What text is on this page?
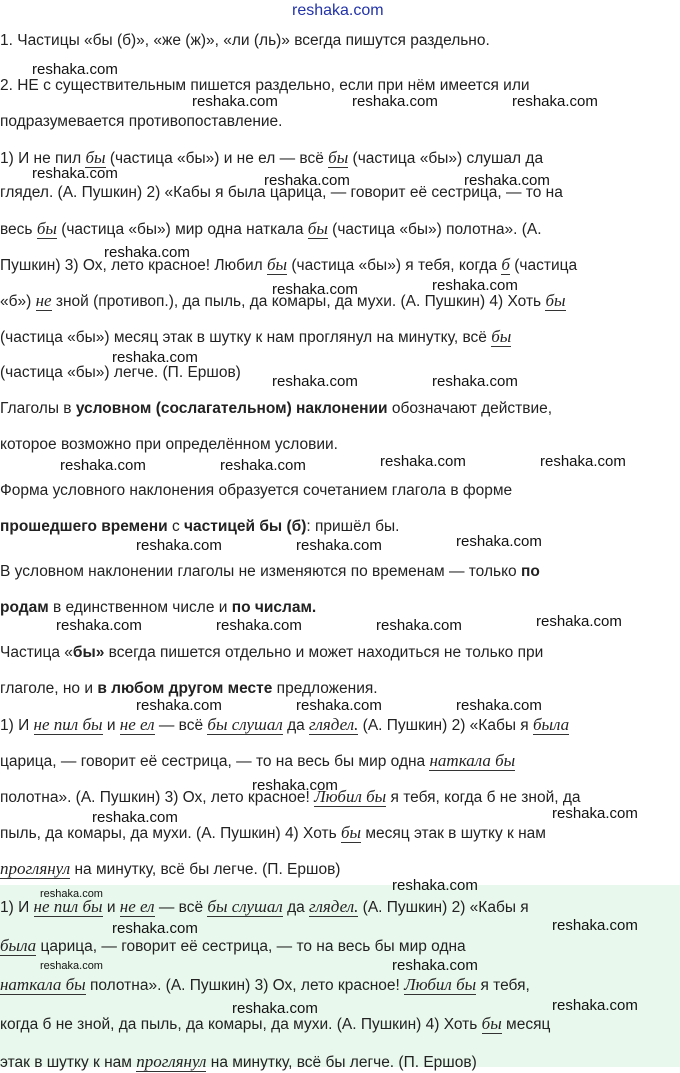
1. Частицы «бы (б)», «же (ж)», «ли (ль)» всегда пишутся раздельно.
2. НЕ с существительным пишется раздельно, если при нём имеется или
подразумевается противопоставление.
1) И не пил бы (частица «бы») и не ел — всё бы (частица «бы») слушал да
глядел. (А. Пушкин) 2) «Кабы я была царица, — говорит её сестрица, — то на
весь бы (частица «бы») мир одна наткала бы (частица «бы») полотна». (А.
Пушкин) 3) Ох, лето красное! Любил бы (частица «бы») я тебя, когда б (частица
«б») не зной (противоп.), да пыль, да комары, да мухи. (А. Пушкин) 4) Хоть бы
(частица «бы») месяц этак в шутку к нам проглянул на минутку, всё бы
(частица «бы») легче. (П. Ершов)
Глаголы в условном (сослагательном) наклонении обозначают действие,
которое возможно при определённом условии.
Форма условного наклонения образуется сочетанием глагола в форме
прошедшего времени с частицей бы (б): пришёл бы.
В условном наклонении глаголы не изменяются по временам — только по
родам в единственном числе и по числам.
Частица «бы» всегда пишется отдельно и может находиться не только при
глаголе, но и в любом другом месте предложения.
1) И не пил бы и не ел — всё бы слушал да глядел. (А. Пушкин) 2) «Кабы я была
царица, — говорит её сестрица, — то на весь бы мир одна наткала бы
полотна». (А. Пушкин) 3) Ох, лето красное! Любил бы я тебя, когда б не зной, да
пыль, да комары, да мухи. (А. Пушкин) 4) Хоть бы месяц этак в шутку к нам
проглянул на минутку, всё бы легче. (П. Ершов)
1) И не пил бы и не ел — всё бы слушал да глядел. (А. Пушкин) 2) «Кабы я
была царица, — говорит её сестрица, — то на весь бы мир одна
наткала бы полотна». (А. Пушкин) 3) Ох, лето красное! Любил бы я тебя,
когда б не зной, да пыль, да комары, да мухи. (А. Пушкин) 4) Хоть бы месяц
этак в шутку к нам проглянул на минутку, всё бы легче. (П. Ершов)
reshaka.com
reshaka.com
reshaka.com
reshaka.com	reshaka.com	reshaka.com
reshaka.com	reshaka.com
reshaka.com
reshaka.com	reshaka.com
reshaka.com
reshaka.com	reshaka.com
reshaka.com	reshaka.com	reshaka.com	reshaka.com
reshaka.com	reshaka.com	reshaka.com
reshaka.com	reshaka.com	reshaka.com	reshaka.com
reshaka.com	reshaka.com	reshaka.com
reshaka.com
reshaka.com	reshaka.com
reshaka.com
reshaka.com
reshaka.com	reshaka.com
reshaka.com	reshaka.com
reshaka.com	reshaka.com
